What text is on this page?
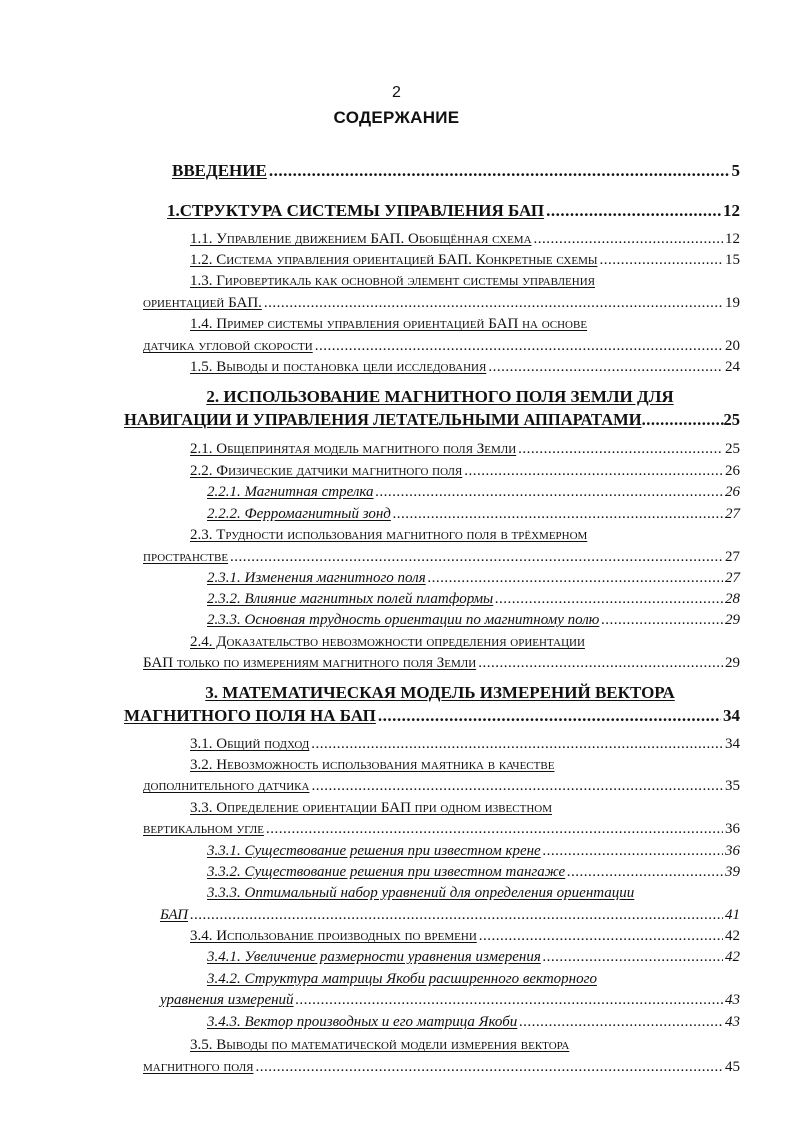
2
СОДЕРЖАНИЕ
ВВЕДЕНИЕ .....	5
1.СТРУКТУРА СИСТЕМЫ УПРАВЛЕНИЯ БАП .....	12
1.1. Управление движением БАП. Обобщённая схема .....	12
1.2. Система управления ориентацией БАП. Конкретные схемы .....	15
1.3. Гировертикаль как основной элемент системы управления
ориентацией БАП. .....	19
1.4. Пример системы управления ориентацией БАП на основе
датчика угловой скорости .....	20
1.5. Выводы и постановка цели исследования .....	24
2. ИСПОЛЬЗОВАНИЕ МАГНИТНОГО ПОЛЯ ЗЕМЛИ ДЛЯ
НАВИГАЦИИ И УПРАВЛЕНИЯ ЛЕТАТЕЛЬНЫМИ АППАРАТАМИ .....	25
2.1. Общепринятая модель магнитного поля Земли .....	25
2.2. Физические датчики магнитного поля .....	26
2.2.1. Магнитная стрелка .....	26
2.2.2. Ферромагнитный зонд .....	27
2.3. Трудности использования магнитного поля в трёхмерном
пространстве .....	27
2.3.1. Изменения магнитного поля .....	27
2.3.2. Влияние магнитных полей платформы .....	28
2.3.3. Основная трудность ориентации по магнитному полю .....	29
2.4. Доказательство невозможности определения ориентации
БАП только по измерениям магнитного поля Земли .....	29
3. МАТЕМАТИЧЕСКАЯ МОДЕЛЬ ИЗМЕРЕНИЙ ВЕКТОРА
МАГНИТНОГО ПОЛЯ НА БАП .....	34
3.1. Общий подход .....	34
3.2. Невозможность использования маятника в качестве
дополнительного датчика .....	35
3.3. Определение ориентации БАП при одном известном
вертикальном угле .....	36
3.3.1. Существование решения при известном крене .....	36
3.3.2. Существование решения при известном тангаже .....	39
3.3.3. Оптимальный набор уравнений для определения ориентации
БАП .....	41
3.4. Использование производных по времени .....	42
3.4.1. Увеличение размерности уравнения измерения .....	42
3.4.2. Структура матрицы Якоби расширенного векторного
уравнения измерений .....	43
3.4.3. Вектор производных и его матрица Якоби .....	43
3.5. Выводы по математической модели измерения вектора
магнитного поля .....	45
